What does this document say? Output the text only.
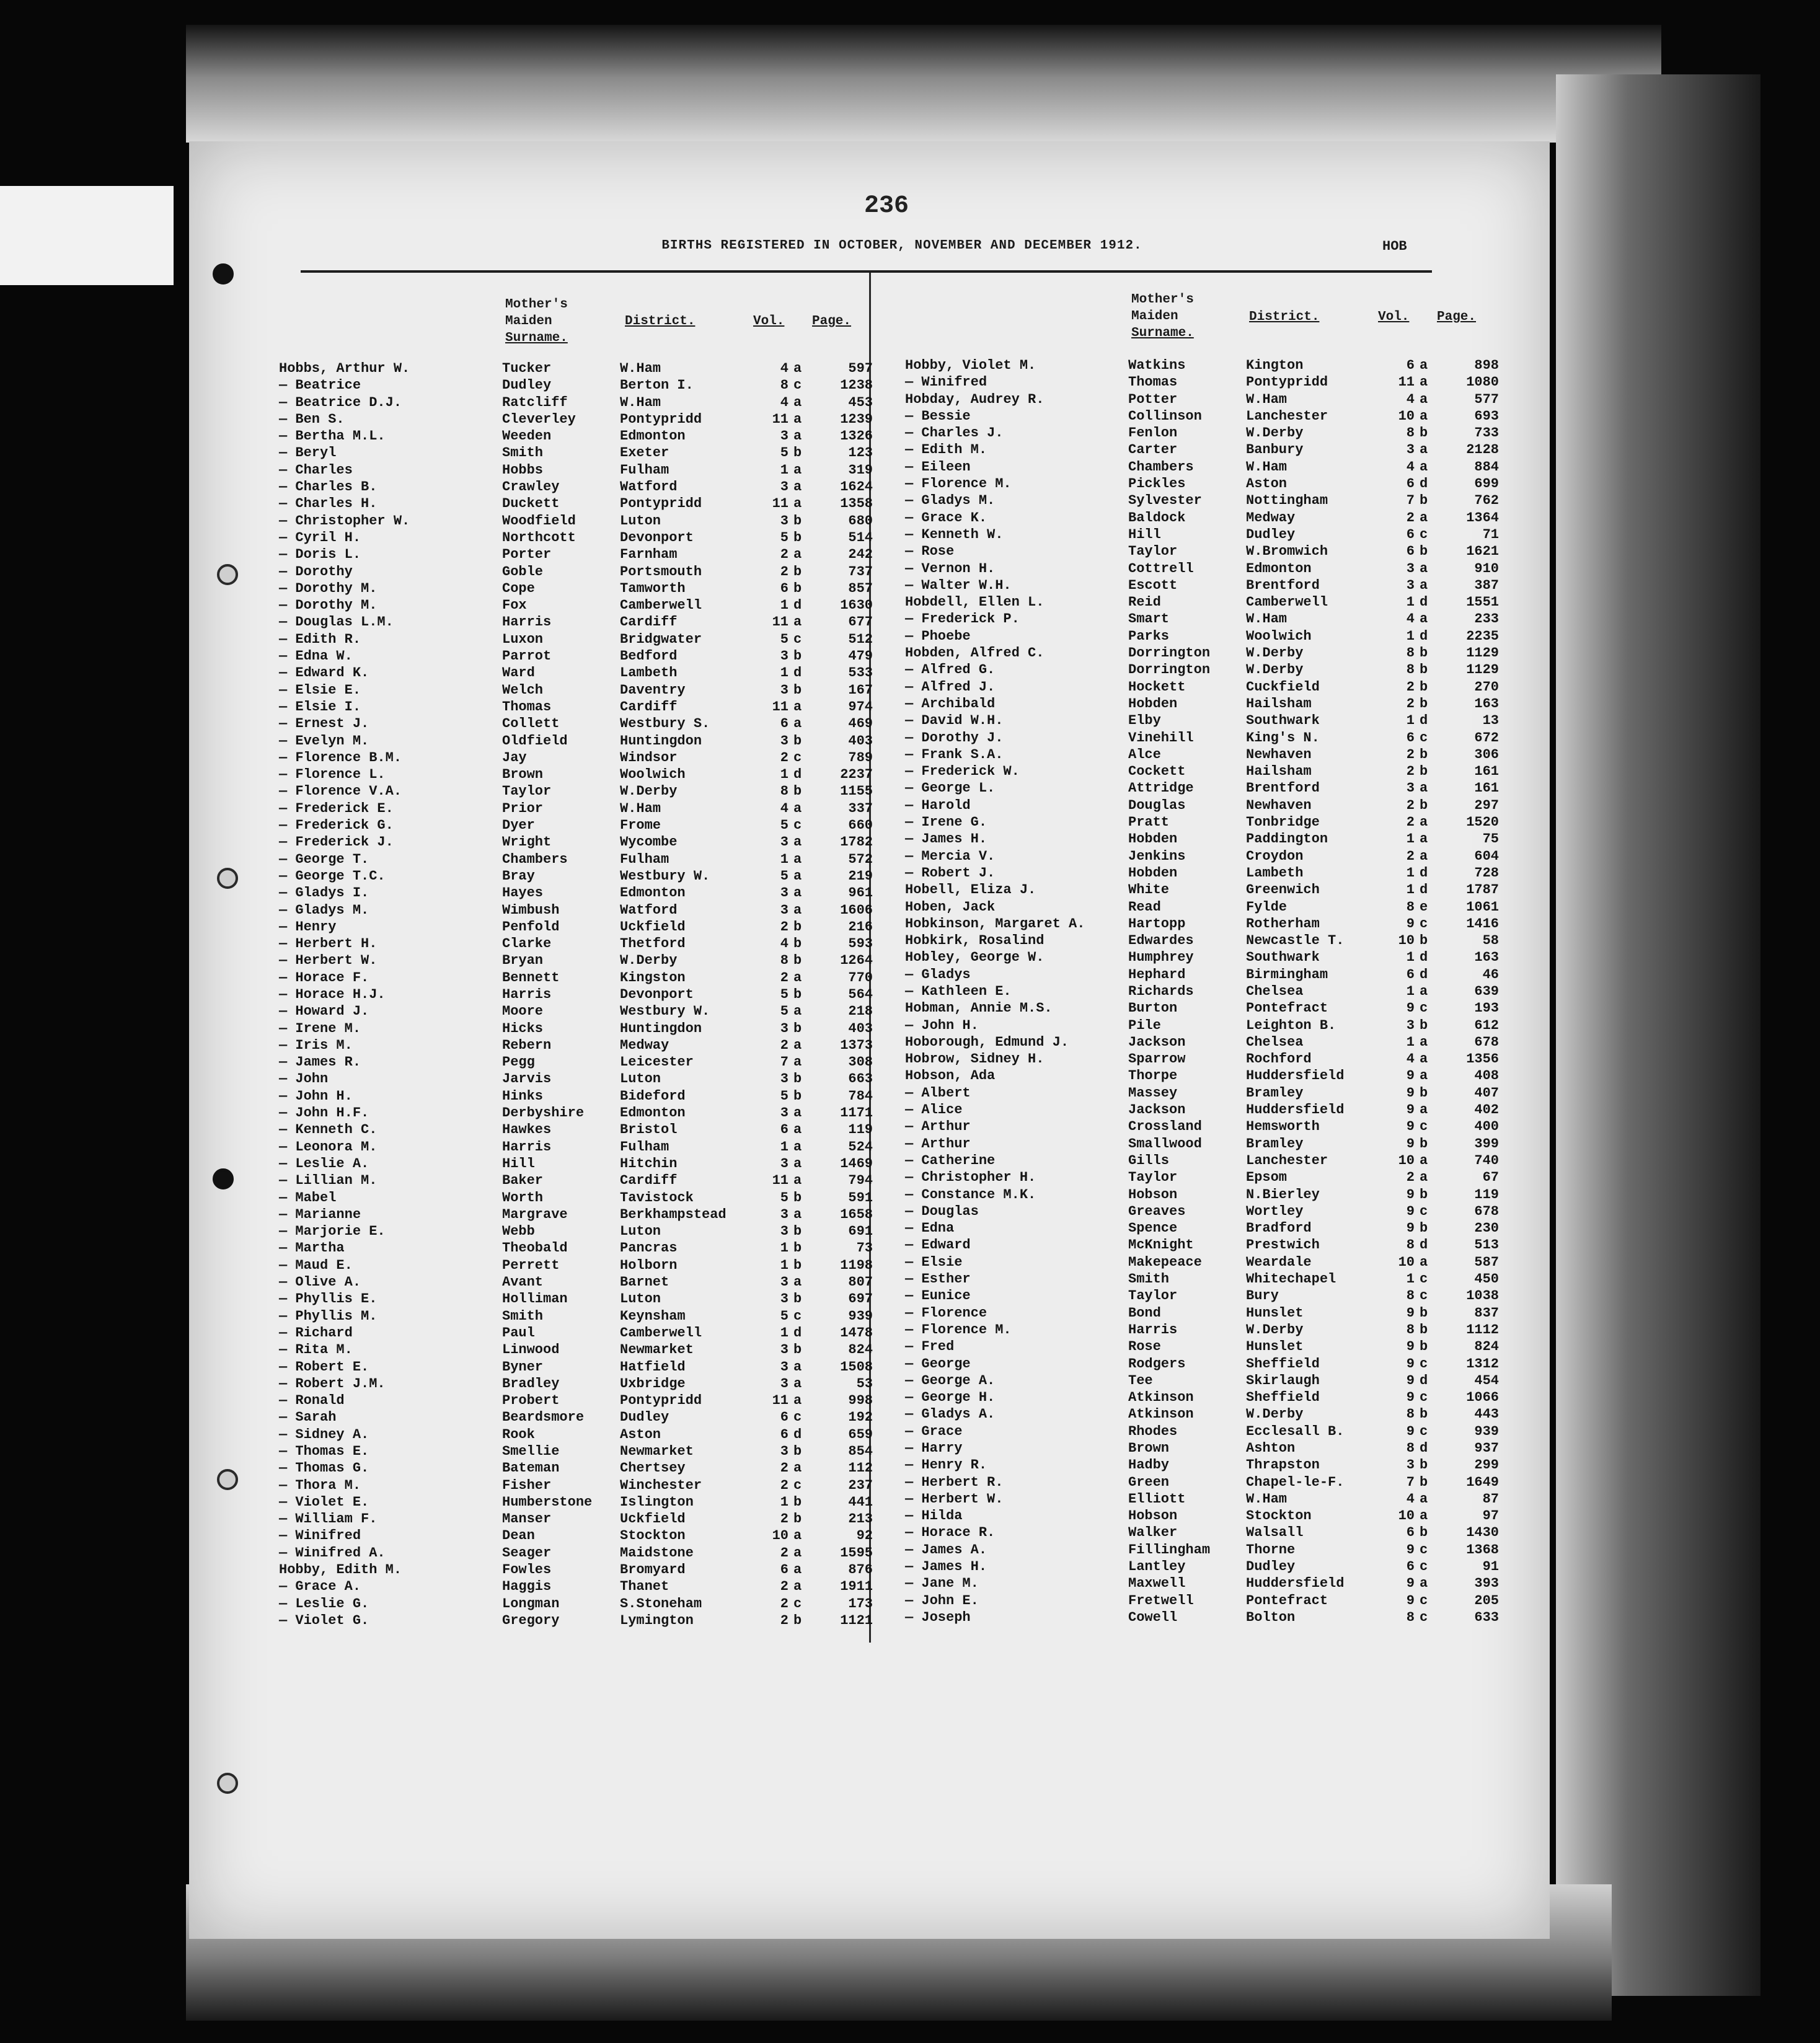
236
BIRTHS REGISTERED IN OCTOBER, NOVEMBER AND DECEMBER 1912.	HOB
Mother's
Maiden
Surname.
District.	Vol. Page.
Mother's
Maiden
Surname.
District.	Vol. Page.
Hobbs, Arthur W.	Tucker	W.Ham	4 a	597
— Beatrice	Dudley	Berton I.	8 c	1238
— Beatrice D.J.	Ratcliff	W.Ham	4 a	453
— Ben S.	Cleverley	Pontypridd	11 a	1239
— Bertha M.L.	Weeden	Edmonton	3 a	1326
— Beryl	Smith	Exeter	5 b	123
— Charles	Hobbs	Fulham	1 a	319
— Charles B.	Crawley	Watford	3 a	1624
— Charles H.	Duckett	Pontypridd	11 a	1358
— Christopher W.	Woodfield	Luton	3 b	680
— Cyril H.	Northcott	Devonport	5 b	514
— Doris L.	Porter	Farnham	2 a	242
— Dorothy	Goble	Portsmouth	2 b	737
— Dorothy M.	Cope	Tamworth	6 b	857
— Dorothy M.	Fox	Camberwell	1 d	1630
— Douglas L.M.	Harris	Cardiff	11 a	677
— Edith R.	Luxon	Bridgwater	5 c	512
— Edna W.	Parrot	Bedford	3 b	479
— Edward K.	Ward	Lambeth	1 d	533
— Elsie E.	Welch	Daventry	3 b	167
— Elsie I.	Thomas	Cardiff	11 a	974
— Ernest J.	Collett	Westbury S.	6 a	469
— Evelyn M.	Oldfield	Huntingdon	3 b	403
— Florence B.M.	Jay	Windsor	2 c	789
— Florence L.	Brown	Woolwich	1 d	2237
— Florence V.A.	Taylor	W.Derby	8 b	1155
— Frederick E.	Prior	W.Ham	4 a	337
— Frederick G.	Dyer	Frome	5 c	660
— Frederick J.	Wright	Wycombe	3 a	1782
— George T.	Chambers	Fulham	1 a	572
— George T.C.	Bray	Westbury W.	5 a	219
— Gladys I.	Hayes	Edmonton	3 a	961
— Gladys M.	Wimbush	Watford	3 a	1606
— Henry	Penfold	Uckfield	2 b	216
— Herbert H.	Clarke	Thetford	4 b	593
— Herbert W.	Bryan	W.Derby	8 b	1264
— Horace F.	Bennett	Kingston	2 a	770
— Horace H.J.	Harris	Devonport	5 b	564
— Howard J.	Moore	Westbury W.	5 a	218
— Irene M.	Hicks	Huntingdon	3 b	403
— Iris M.	Rebern	Medway	2 a	1373
— James R.	Pegg	Leicester	7 a	308
— John	Jarvis	Luton	3 b	663
— John H.	Hinks	Bideford	5 b	784
— John H.F.	Derbyshire	Edmonton	3 a	1171
— Kenneth C.	Hawkes	Bristol	6 a	119
— Leonora M.	Harris	Fulham	1 a	524
— Leslie A.	Hill	Hitchin	3 a	1469
— Lillian M.	Baker	Cardiff	11 a	794
— Mabel	Worth	Tavistock	5 b	591
— Marianne	Margrave	Berkhampstead	3 a	1658
— Marjorie E.	Webb	Luton	3 b	691
— Martha	Theobald	Pancras	1 b	73
— Maud E.	Perrett	Holborn	1 b	1198
— Olive A.	Avant	Barnet	3 a	807
— Phyllis E.	Holliman	Luton	3 b	697
— Phyllis M.	Smith	Keynsham	5 c	939
— Richard	Paul	Camberwell	1 d	1478
— Rita M.	Linwood	Newmarket	3 b	824
— Robert E.	Byner	Hatfield	3 a	1508
— Robert J.M.	Bradley	Uxbridge	3 a	53
— Ronald	Probert	Pontypridd	11 a	998
— Sarah	Beardsmore	Dudley	6 c	192
— Sidney A.	Rook	Aston	6 d	659
— Thomas E.	Smellie	Newmarket	3 b	854
— Thomas G.	Bateman	Chertsey	2 a	112
— Thora M.	Fisher	Winchester	2 c	237
— Violet E.	Humberstone Islington	1 b	441
— William F.	Manser	Uckfield	2 b	213
— Winifred	Dean	Stockton	10 a	92
— Winifred A.	Seager	Maidstone	2 a	1595
Hobby, Edith M.	Fowles	Bromyard	6 a	876
— Grace A.	Haggis	Thanet	2 a	1911
— Leslie G.	Longman	S.Stoneham	2 c	173
— Violet G.	Gregory	Lymington	2 b	1121
Hobby, Violet M.	Watkins	Kington	6 a	898
— Winifred	Thomas	Pontypridd	11 a	1080
Hobday, Audrey R.	Potter	W.Ham	4 a	577
— Bessie	Collinson	Lanchester	10 a	693
— Charles J.	Fenlon	W.Derby	8 b	733
— Edith M.	Carter	Banbury	3 a	2128
— Eileen	Chambers	W.Ham	4 a	884
— Florence M.	Pickles	Aston	6 d	699
— Gladys M.	Sylvester	Nottingham	7 b	762
— Grace K.	Baldock	Medway	2 a	1364
— Kenneth W.	Hill	Dudley	6 c	71
— Rose	Taylor	W.Bromwich	6 b	1621
— Vernon H.	Cottrell	Edmonton	3 a	910
— Walter W.H.	Escott	Brentford	3 a	387
Hobdell, Ellen L.	Reid	Camberwell	1 d	1551
— Frederick P.	Smart	W.Ham	4 a	233
— Phoebe	Parks	Woolwich	1 d	2235
Hobden, Alfred C.	Dorrington	W.Derby	8 b	1129
— Alfred G.	Dorrington	W.Derby	8 b	1129
— Alfred J.	Hockett	Cuckfield	2 b	270
— Archibald	Hobden	Hailsham	2 b	163
— David W.H.	Elby	Southwark	1 d	13
— Dorothy J.	Vinehill	King's N.	6 c	672
— Frank S.A.	Alce	Newhaven	2 b	306
— Frederick W.	Cockett	Hailsham	2 b	161
— George L.	Attridge	Brentford	3 a	161
— Harold	Douglas	Newhaven	2 b	297
— Irene G.	Pratt	Tonbridge	2 a	1520
— James H.	Hobden	Paddington	1 a	75
— Mercia V.	Jenkins	Croydon	2 a	604
— Robert J.	Hobden	Lambeth	1 d	728
Hobell, Eliza J.	White	Greenwich	1 d	1787
Hoben, Jack	Read	Fylde	8 e	1061
Hobkinson, Margaret A.	Hartopp	Rotherham	9 c	1416
Hobkirk, Rosalind	Edwardes	Newcastle T.	10 b	58
Hobley, George W.	Humphrey	Southwark	1 d	163
— Gladys	Hephard	Birmingham	6 d	46
— Kathleen E.	Richards	Chelsea	1 a	639
Hobman, Annie M.S.	Burton	Pontefract	9 c	193
— John H.	Pile	Leighton B.	3 b	612
Hoborough, Edmund J.	Jackson	Chelsea	1 a	678
Hobrow, Sidney H.	Sparrow	Rochford	4 a	1356
Hobson, Ada	Thorpe	Huddersfield	9 a	408
— Albert	Massey	Bramley	9 b	407
— Alice	Jackson	Huddersfield	9 a	402
— Arthur	Crossland	Hemsworth	9 c	400
— Arthur	Smallwood	Bramley	9 b	399
— Catherine	Gills	Lanchester	10 a	740
— Christopher H.	Taylor	Epsom	2 a	67
— Constance M.K.	Hobson	N.Bierley	9 b	119
— Douglas	Greaves	Wortley	9 c	678
— Edna	Spence	Bradford	9 b	230
— Edward	McKnight	Prestwich	8 d	513
— Elsie	Makepeace	Weardale	10 a	587
— Esther	Smith	Whitechapel	1 c	450
— Eunice	Taylor	Bury	8 c	1038
— Florence	Bond	Hunslet	9 b	837
— Florence M.	Harris	W.Derby	8 b	1112
— Fred	Rose	Hunslet	9 b	824
— George	Rodgers	Sheffield	9 c	1312
— George A.	Tee	Skirlaugh	9 d	454
— George H.	Atkinson	Sheffield	9 c	1066
— Gladys A.	Atkinson	W.Derby	8 b	443
— Grace	Rhodes	Ecclesall B.	9 c	939
— Harry	Brown	Ashton	8 d	937
— Henry R.	Hadby	Thrapston	3 b	299
— Herbert R.	Green	Chapel-le-F.	7 b	1649
— Herbert W.	Elliott	W.Ham	4 a	87
— Hilda	Hobson	Stockton	10 a	97
— Horace R.	Walker	Walsall	6 b	1430
— James A.	Fillingham	Thorne	9 c	1368
— James H.	Lantley	Dudley	6 c	91
— Jane M.	Maxwell	Huddersfield	9 a	393
— John E.	Fretwell	Pontefract	9 c	205
— Joseph	Cowell	Bolton	8 c	633
